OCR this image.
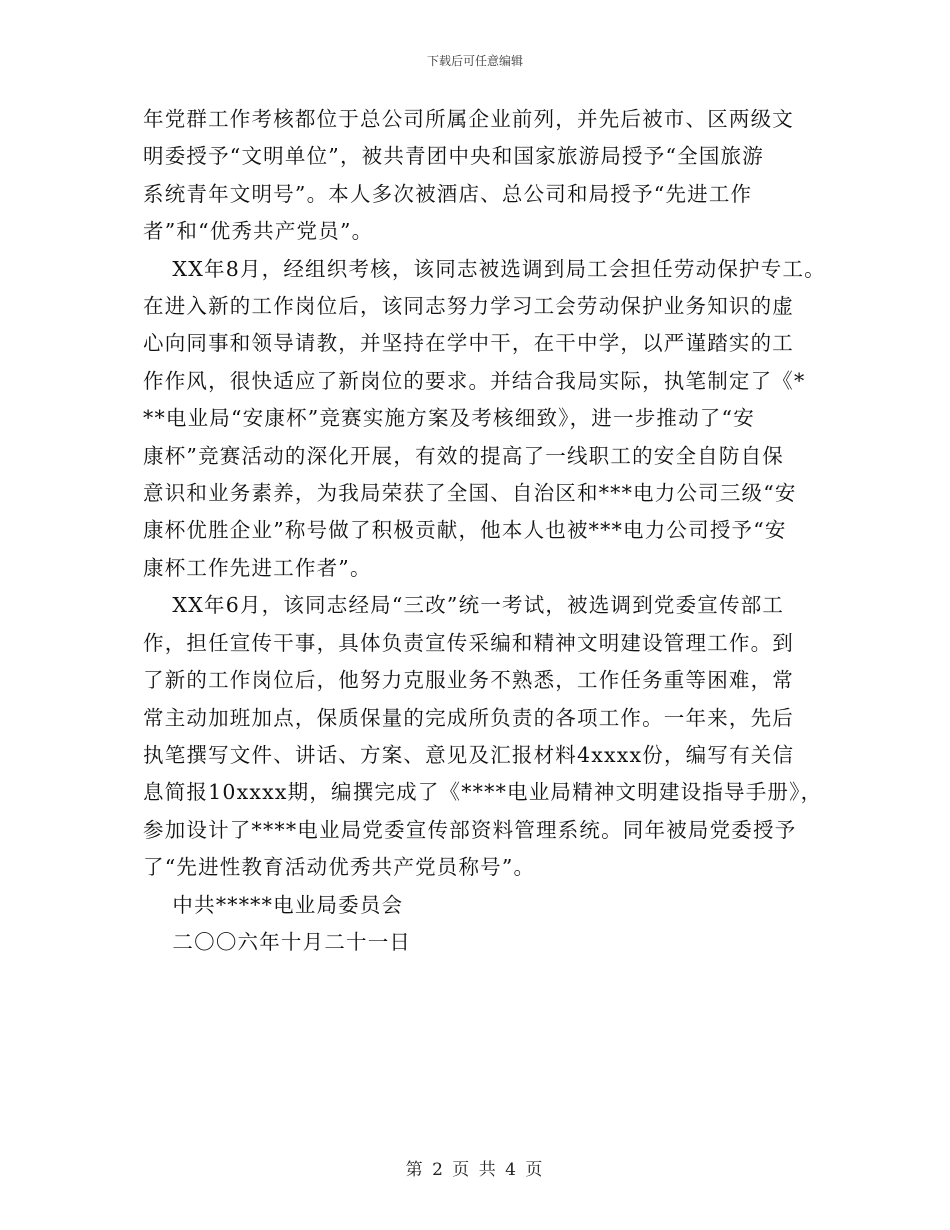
下载后可任意编辑
年党群工作考核都位于总公司所属企业前列，并先后被市、区两级文
明委授予“文明单位”，被共青团中央和国家旅游局授予“全国旅游
系统青年文明号”。本人多次被酒店、总公司和局授予“先进工作
者”和“优秀共产党员”。
　 XX年8月，经组织考核，该同志被选调到局工会担任劳动保护专工。
在进入新的工作岗位后，该同志努力学习工会劳动保护业务知识的虚
心向同事和领导请教，并坚持在学中干，在干中学，以严谨踏实的工
作作风，很快适应了新岗位的要求。并结合我局实际，执笔制定了《*
**电业局“安康杯”竞赛实施方案及考核细致》，进一步推动了“安
康杯”竞赛活动的深化开展，有效的提高了一线职工的安全自防自保
意识和业务素养，为我局荣获了全国、自治区和***电力公司三级“安
康杯优胜企业”称号做了积极贡献，他本人也被***电力公司授予“安
康杯工作先进工作者”。
　 XX年6月，该同志经局“三改”统一考试，被选调到党委宣传部工
作，担任宣传干事，具体负责宣传采编和精神文明建设管理工作。到
了新的工作岗位后，他努力克服业务不熟悉，工作任务重等困难，常
常主动加班加点，保质保量的完成所负责的各项工作。一年来，先后
执笔撰写文件、讲话、方案、意见及汇报材料4xxxx份，编写有关信
息简报10xxxx期，编撰完成了《****电业局精神文明建设指导手册》，
参加设计了****电业局党委宣传部资料管理系统。同年被局党委授予
了“先进性教育活动优秀共产党员称号”。
　 中共*****电业局委员会
　 二〇〇六年十月二十一日
第 2 页 共 4 页
